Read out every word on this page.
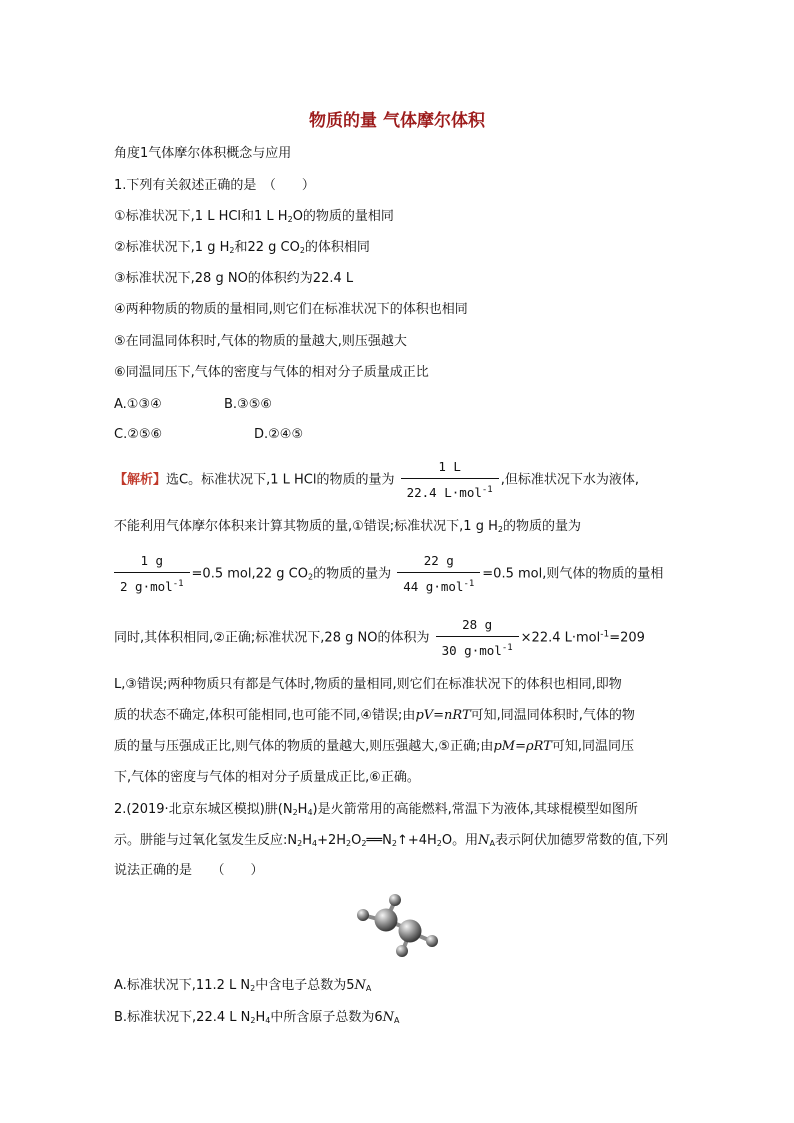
物质的量 气体摩尔体积
角度1气体摩尔体积概念与应用
1.下列有关叙述正确的是　（　　）
①标准状况下,1 L HCl和1 L $H_2O$的物质的量相同
②标准状况下,1 g $H_2$和22 g $CO_2$的体积相同
③标准状况下,28 g NO的体积约为22.4 L
④两种物质的物质的量相同,则它们在标准状况下的体积也相同
⑤在同温同体积时,气体的物质的量越大,则压强越大
⑥同温同压下,气体的密度与气体的相对分子质量成正比
A.①③④	B.③⑤⑥
C.②⑤⑥	D.②④⑤
【解析】选C。标准状况下,1 L HCl的物质的量为 $\frac{1 L}{22.4 L\cdot mol^{-1}}$ ,但标准状况下水为液体,
不能利用气体摩尔体积来计算其物质的量,①错误;标准状况下,1 g $H_2$的物质的量为
$\frac{1 g}{2 g\cdot mol^{-1}} =0.5$ mol,22 g $CO_2$的物质的量为 $\frac{22 g}{44 g\cdot mol^{-1}} =0.5$ mol,则气体的物质的量相
同时,其体积相同,②正确;标准状况下,28 g NO的体积为 $\frac{28 g}{30 g\cdot mol^{-1}} \times 22.4$ L·mol$^{-1}$=209
L,③错误;两种物质只有都是气体时,物质的量相同,则它们在标准状况下的体积也相同,即物
质的状态不确定,体积可能相同,也可能不同,④错误;由pV=nRT可知,同温同体积时,气体的物
质的量与压强成正比,则气体的物质的量越大,则压强越大,⑤正确;由pM=ρRT可知,同温同压
下,气体的密度与气体的相对分子质量成正比,⑥正确。
2.(2019·北京东城区模拟)肼$(N_2H_4)$是火箭常用的高能燃料,常温下为液体,其球棍模型如图所
示。肼能与过氧化氢发生反应$:N_2H_4+2H_2O_2══N_2↑+4H_2O$。用$N_A$表示阿伏加德罗常数的值,下列
说法正确的是　　（　　）
A.标准状况下,11.2 L $N_2$中含电子总数为$5N_A$
B.标准状况下,22.4 L $N_2H_4$中所含原子总数为$6N_A$
